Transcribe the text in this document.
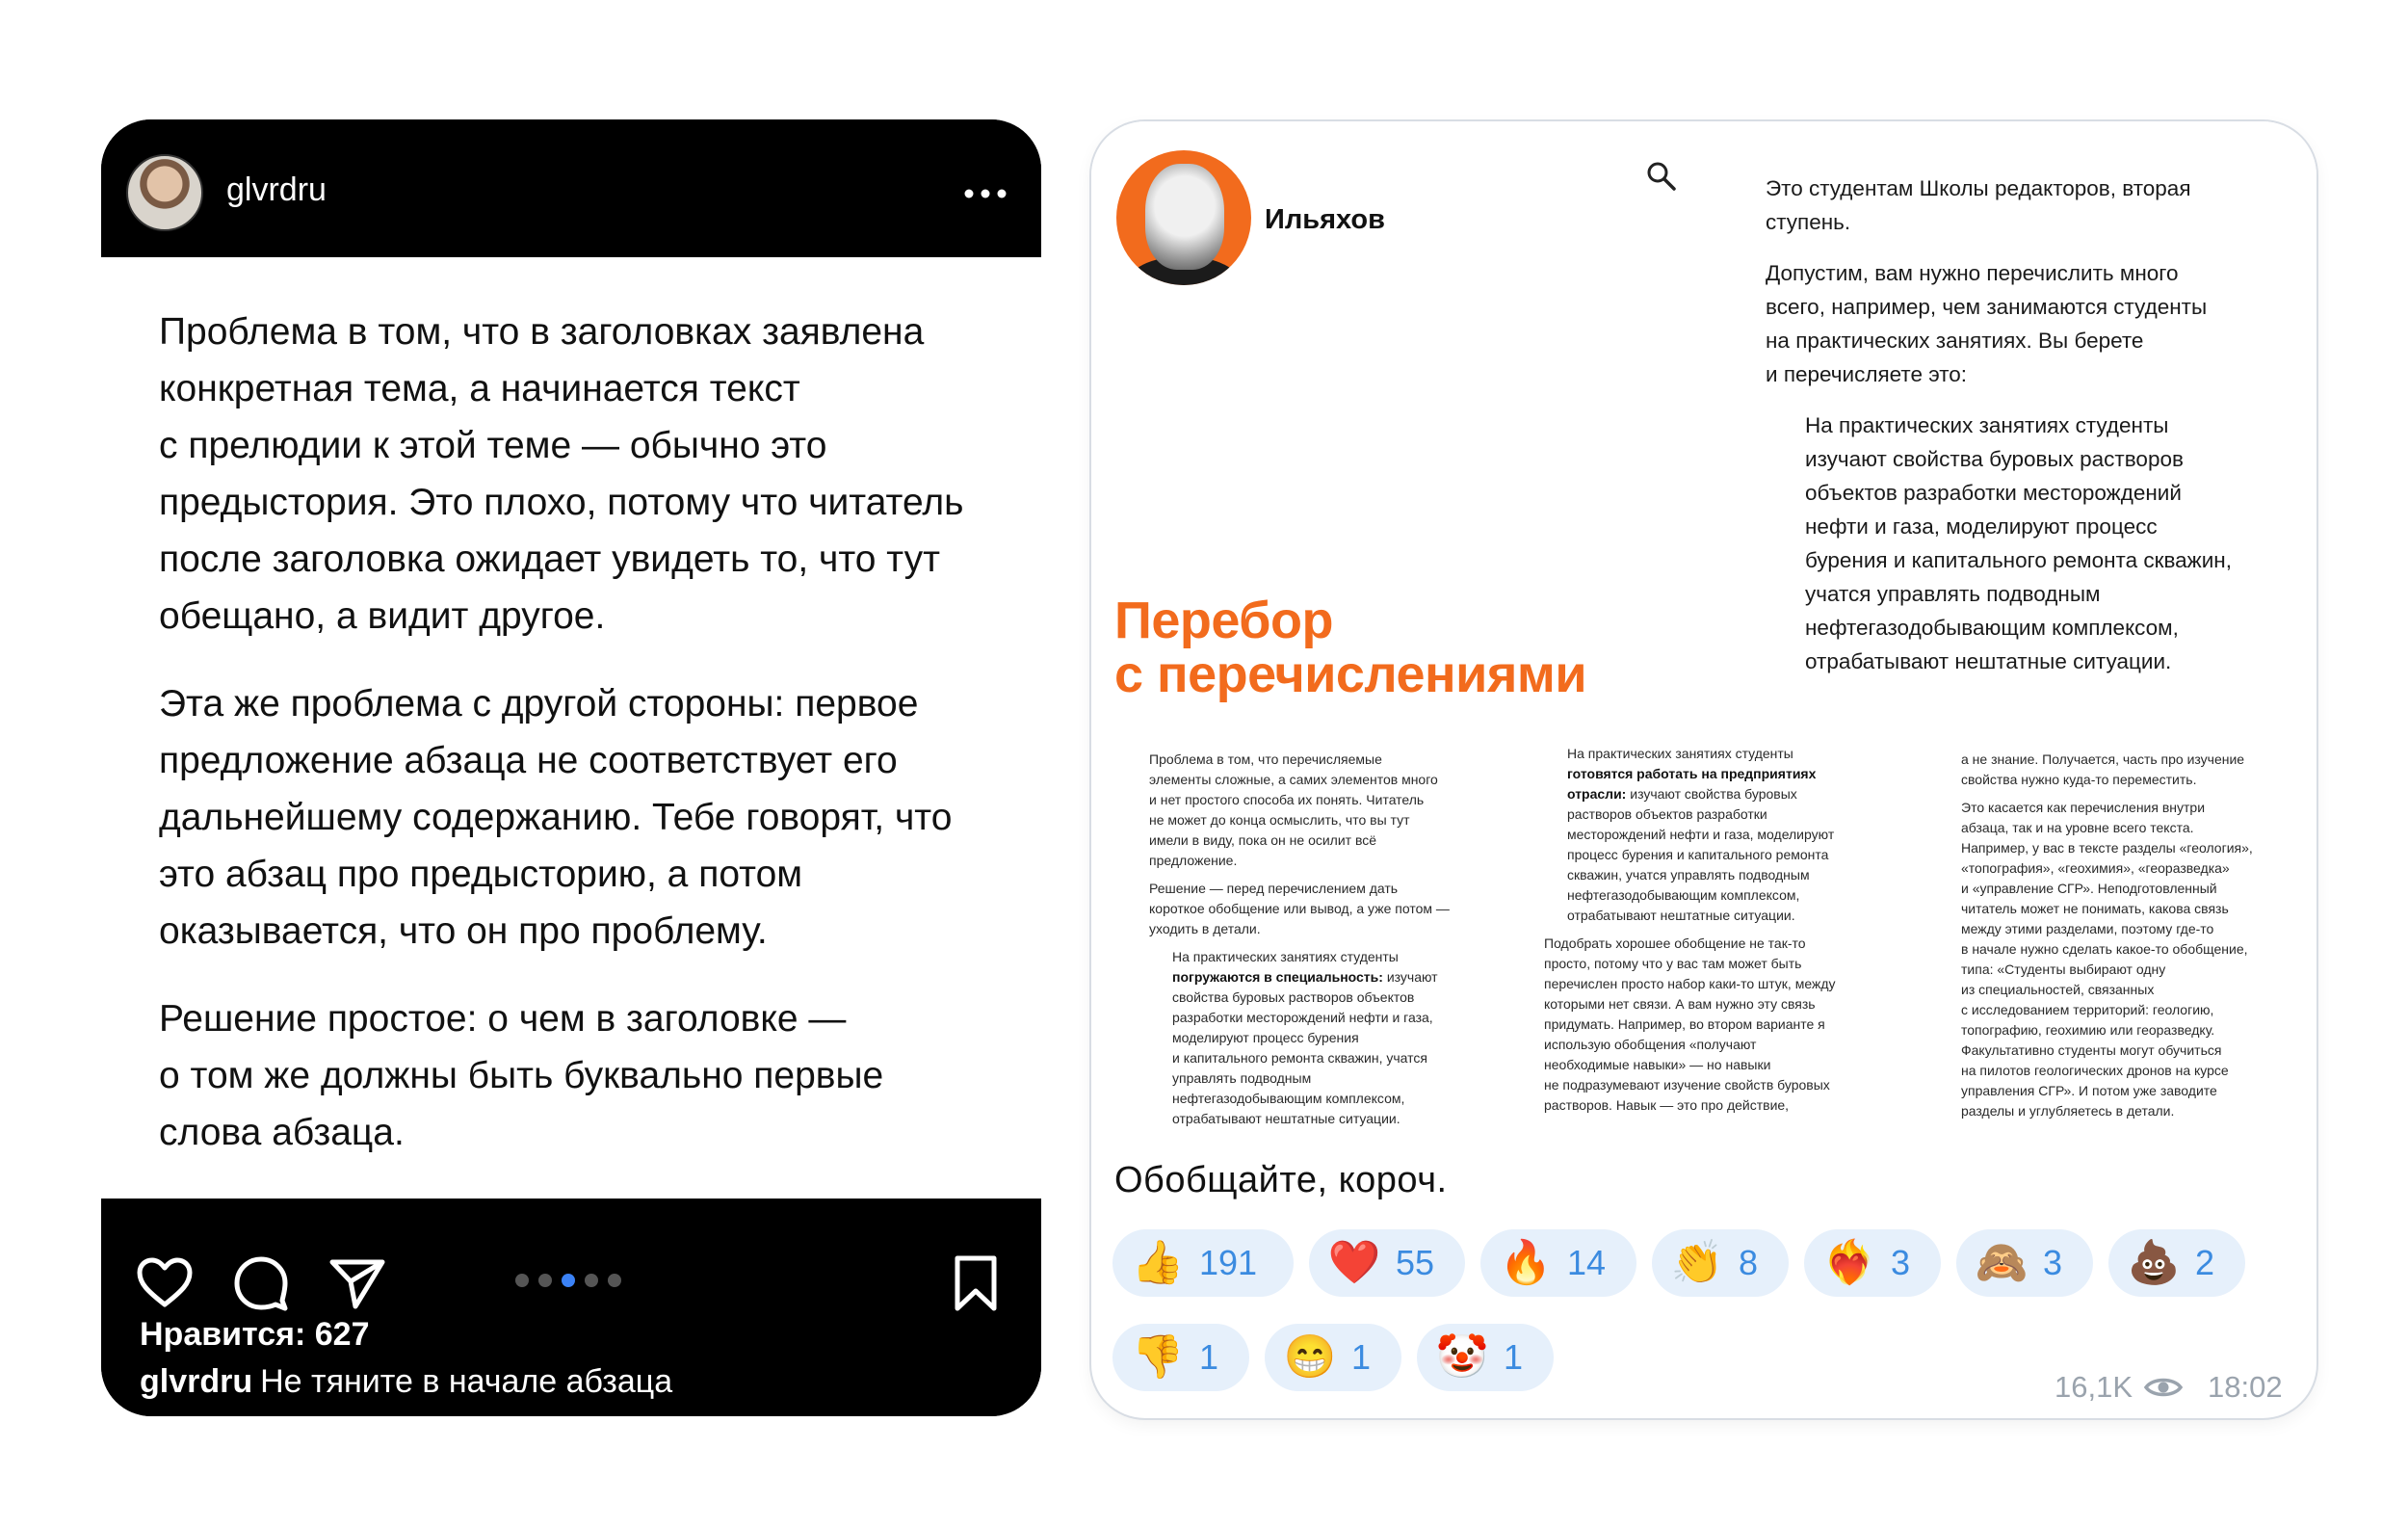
glvrdru

Проблема в том, что в заголовках заявлена
конкретная тема, а начинается текст
с прелюдии к этой теме — обычно это
предыстория. Это плохо, потому что читатель
после заголовка ожидает увидеть то, что тут
обещано, а видит другое.

Эта же проблема с другой стороны: первое
предложение абзаца не соответствует его
дальнейшему содержанию. Тебе говорят, что
это абзац про предысторию, а потом
оказывается, что он про проблему.

Решение простое: о чем в заголовке —
о том же должны быть буквально первые
слова абзаца.

Нравится: 627
glvrdru Не тяните в начале абзаца
Ильяхов
Перебор
с перечислениями

Это студентам Школы редакторов, вторая
ступень.

Допустим, вам нужно перечислить много
всего, например, чем занимаются студенты
на практических занятиях. Вы берете
и перечисляете это:

На практических занятиях студенты
изучают свойства буровых растворов
объектов разработки месторождений
нефти и газа, моделируют процесс
бурения и капитального ремонта скважин,
учатся управлять подводным
нефтегазодобывающим комплексом,
отрабатывают нештатные ситуации.

Проблема в том, что перечисляемые
элементы сложные, а самих элементов много
и нет простого способа их понять. Читатель
не может до конца осмыслить, что вы тут
имели в виду, пока он не осилит всё
предложение.

Решение — перед перечислением дать
короткое обобщение или вывод, а уже потом —
уходить в детали.

На практических занятиях студенты
погружаются в специальность: изучают
свойства буровых растворов объектов
разработки месторождений нефти и газа,
моделируют процесс бурения
и капитального ремонта скважин, учатся
управлять подводным
нефтегазодобывающим комплексом,
отрабатывают нештатные ситуации.

На практических занятиях студенты
готовятся работать на предприятиях
отрасли: изучают свойства буровых
растворов объектов разработки
месторождений нефти и газа, моделируют
процесс бурения и капитального ремонта
скважин, учатся управлять подводным
нефтегазодобывающим комплексом,
отрабатывают нештатные ситуации.

Подобрать хорошее обобщение не так-то
просто, потому что у вас там может быть
перечислен просто набор каки-то штук, между
которыми нет связи. А вам нужно эту связь
придумать. Например, во втором варианте я
использую обобщения «получают
необходимые навыки» — но навыки
не подразумевают изучение свойств буровых
растворов. Навык — это про действие,

а не знание. Получается, часть про изучение
свойства нужно куда-то переместить.

Это касается как перечисления внутри
абзаца, так и на уровне всего текста.
Например, у вас в тексте разделы «геология»,
«топография», «геохимия», «георазведка»
и «управление СГР». Неподготовленный
читатель может не понимать, какова связь
между этими разделами, поэтому где-то
в начале нужно сделать какое-то обобщение,
типа: «Студенты выбирают одну
из специальностей, связанных
с исследованием территорий: геологию,
топографию, геохимию или георазведку.
Факультативно студенты могут обучиться
на пилотов геологических дронов на курсе
управления СГР». И потом уже заводите
разделы и углубляетесь в детали.

Обобщайте, короч.
👍 191 ❤️ 55 🔥 14 👏 8 ❤️‍🔥 3 🙈 3 💩 2
👎 1 😁 1 🤡 1
16,1K	18:02
